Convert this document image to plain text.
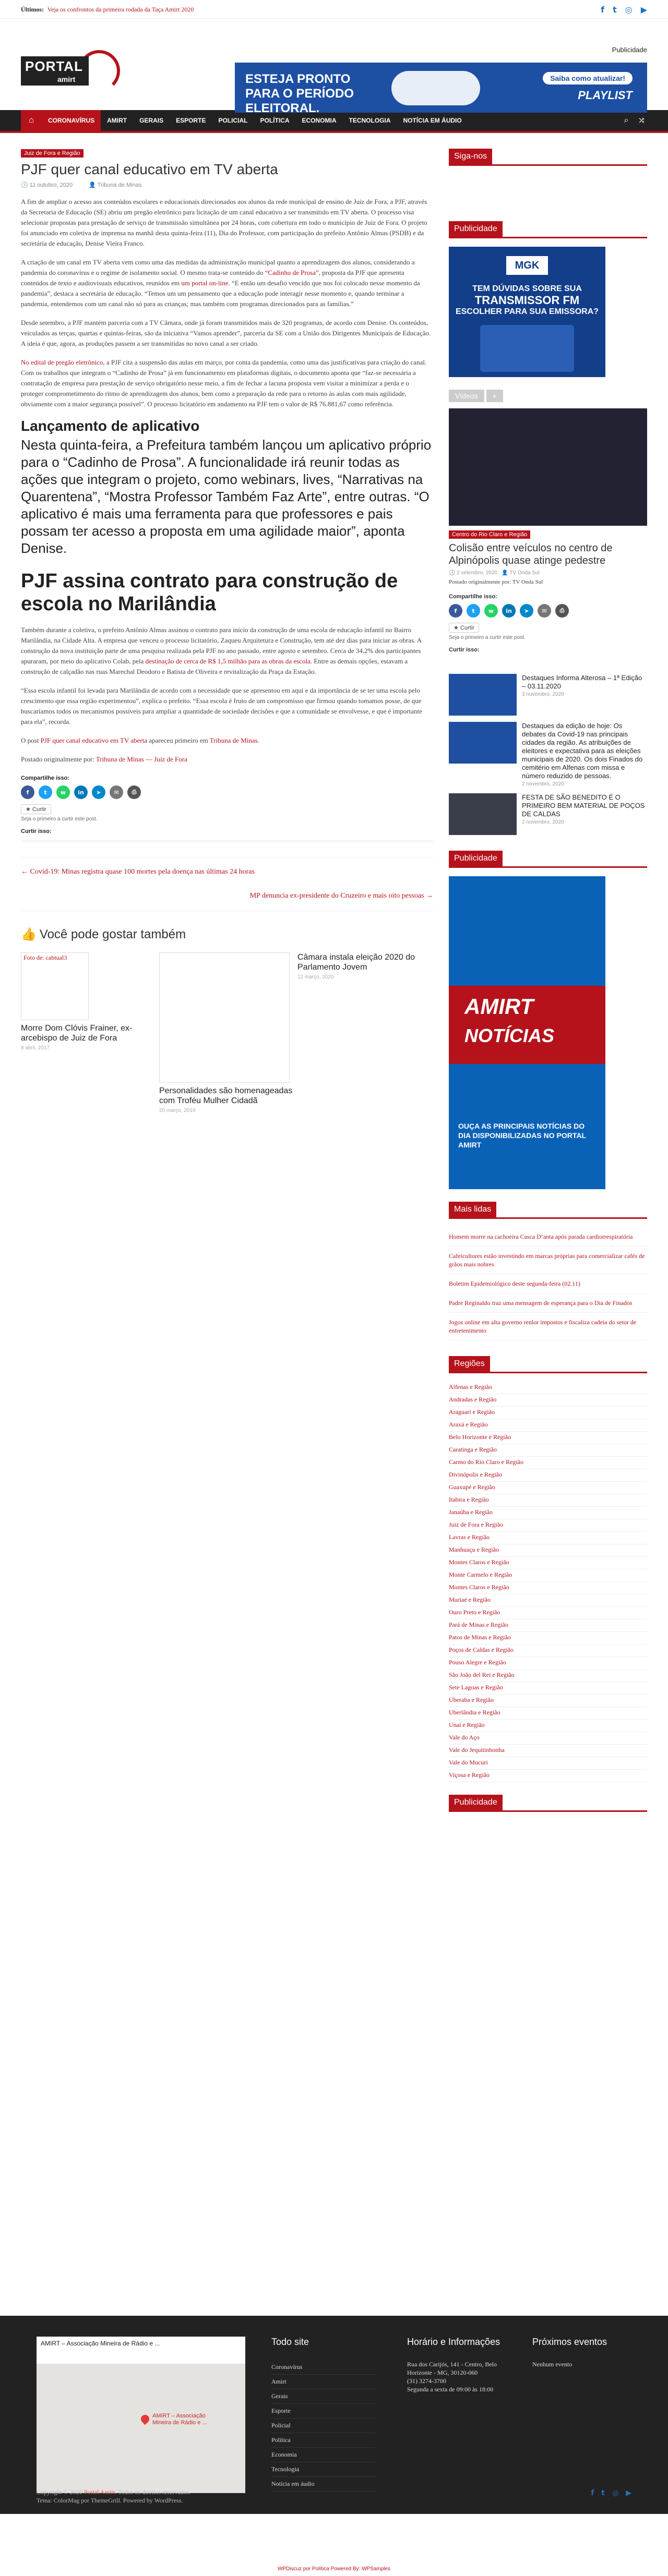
Últimos: Veja os confrontos da primeira rodada da Taça Amirt 2020	f t ◎ ▶
Publicidade
PORTAL
amirt	ESTEJA PRONTO PARA O PERÍODO ELEITORAL.
Saiba como atualizar!
PLAYLIST
⌂	CORONAVÍRUS	AMIRT	GERAIS	ESPORTE	POLICIAL	POLÍTICA	ECONOMIA	TECNOLOGIA	NOTÍCIA EM ÁUDIO	⌕ ⤮
Juiz de Fora e Região
PJF quer canal educativo em TV aberta
🕓 11 outubro, 2020	👤 Tribuna de Minas

A fim de ampliar o acesso aos conteúdos escolares e educacionais direcionados aos alunos da rede municipal de ensino de Juiz de Fora, a PJF, através da Secretaria de Educação (SE) abriu um pregão eletrônico para licitação de um canal educativo a ser transmitido em TV aberta. O processo visa selecionar propostas para prestação de serviço de transmissão simultânea por 24 horas, com cobertura em todo o município de Juiz de Fora. O projeto foi anunciado em coletiva de imprensa na manhã desta quinta-feira (11), Dia do Professor, com participação do prefeito Antônio Almas (PSDB) e da secretária de educação, Denise Vieira Franco.

A criação de um canal em TV aberta vem como uma das medidas da administração municipal quanto a aprendizagem dos alunos, considerando a pandemia do coronavírus e o regime de isolamento social. O mesmo trata-se conteúdo do “Cadinho de Prosa”, proposta da PJF que apresenta conteúdos de texto e audiovisuais educativos, reunidos em um portal on-line. “E então um desafio vencido que nos foi colocado nesse momento da pandemia”, destaca a secretária de educação. “Temos um um pensamento que a educação pode interagir nesse momento e, quando terminar a pandemia, entendemos com um canal não só para as crianças; mas também com programas direcionados para as famílias.”

Desde setembro, a PJF mantém parceria com a TV Câmara, onde já foram transmitidos mais de 320 programas, de acordo com Denise. Os conteúdos, veiculados as terças, quartas e quintas-feiras, são da iniciativa “Vamos aprender”, parceria da SE com a União dos Dirigentes Municipais de Educação. A ideia é que, agora, as produções passem a ser transmitidas no novo canal a ser criado.

No edital de pregão eletrônico, a PJF cita a suspensão das aulas em março, por conta da pandemia, como uma das justificativas para criação do canal. Com os trabalhos que integram o “Cadinho de Prosa” já em funcionamento em plataformas digitais, o documento aponta que “faz-se necessária a contratação de empresa para prestação de serviço obrigatório nesse meio, a fim de fechar a lacuna proposta vem visitar a minimizar a perda e o proteger comprometimento do ritmo de aprendizagem dos alunos, bem como a preparação da rede para o retorno às aulas com mais agilidade, obviamente com a maior segurança possível”. O processo licitatório em andamento na PJF tem o valor de R$ 76.881,67 como referência.

Lançamento de aplicativo

Nesta quinta-feira, a Prefeitura também lançou um aplicativo próprio para o “Cadinho de Prosa”. A funcionalidade irá reunir todas as ações que integram o projeto, como webinars, lives, “Narrativas na Quarentena”, “Mostra Professor Também Faz Arte”, entre outras. “O aplicativo é mais uma ferramenta para que professores e pais possam ter acesso a proposta em uma agilidade maior”, aponta Denise.

PJF assina contrato para construção de escola no Marilândia

Também durante a coletiva, o prefeito Antônio Almas assinou o contrato para início da construção de uma escola de educação infantil no Bairro Marilândia, na Cidade Alta. A empresa que venceu o processo licitatório, Zaqueu Arquitetura e Construção, tem até dez dias para iniciar as obras. A construção da nova instituição parte de uma pesquisa realizada pela PJF no ano passado, entre agosto e setembro. Cerca de 34,2% dos participantes apuraram, por meio do aplicativo Colab, pela destinação de cerca de R$ 1,5 milhão para as obras da escola. Entre as demais opções, estavam a construção de calçadão nas ruas Marechal Deodoro e Batista de Oliveira e revitalização da Praça da Estação.

“Essa escola infantil foi levada para Marilândia de acordo com a necessidade que se apresentou em aqui e da importância de se ter uma escola pelo crescimento que essa região experimentou”, explica o prefeito. “Essa escola é fruto de um compromisso que firmou quando tomamos posse, de que buscaríamos todos os mecanismos possíveis para ampliar a quantidade de sociedade decisões e que a comunidade se envolvesse, e que é importante para ela”, recorda.

O post PJF quer canal educativo em TV aberta apareceu primeiro em Tribuna de Minas.

Postado originalmente por: Tribuna de Minas — Juiz de Fora

Compartilhe isso:
f	t	w	in	➤	✉	⎙
★ Curtir
Seja o primeiro a curtir este post.
Curtir isso:
← Covid-19: Minas registra quase 100 mortes pela doença nas últimas 24 horas
MP denuncia ex-presidente do Cruzeiro e mais oito pessoas →
👍 Você pode gostar também
Foto de: cabtual3
Morre Dom Clóvis Frainer, ex-arcebispo de Juiz de Fora
8 abril, 2017
Personalidades são homenageadas com Troféu Mulher Cidadã
20 março, 2019
Câmara instala eleição 2020 do Parlamento Jovem
12 março, 2020
Siga-nos
Publicidade
MGK
TEM DÚVIDAS SOBRE SUA
TRANSMISSOR FM
ESCOLHER PARA SUA EMISSORA?
Vídeos	+
Centro do Rio Claro e Região
Colisão entre veículos no centro de Alpinópolis quase atinge pedestre
🕓 2 setembro, 2020   👤 TV Onda Sul
Postado originalmente por: TV Onda Sul
Compartilhe isso:
f	t	w	in	➤	✉	⎙
★ Curtir
Seja o primeiro a curtir este post.
Curtir isso:
Destaques Informa Alterosa – 1ª Edição – 03.11.2020
3 novembro, 2020
Destaques da edição de hoje: Os debates da Covid-19 nas principais cidades da região. As atribuições de eleitores e expectativa para as eleições municipais de 2020. Os dois Finados do cemitério em Alfenas com missa e número reduzido de pessoas.
2 novembro, 2020
FESTA DE SÃO BENEDITO É O PRIMEIRO BEM MATERIAL DE POÇOS DE CALDAS
2 novembro, 2020
Publicidade
AMIRT
NOTÍCIAS
OUÇA AS PRINCIPAIS NOTÍCIAS DO DIA DISPONIBILIZADAS NO PORTAL AMIRT
Mais lidas
Homem morre na cachoeira Casca D’anta após parada cardiorrespiratória
Cafeicultores estão investindo em marcas próprias para comercializar cafés de grãos mais nobres
Boletim Epidemiológico deste segunda-feira (02.11)
Padre Reginaldo traz uma mensagem de esperança para o Dia de Finados
Jogos online em alta governo renlor impostos e fiscaliza cadeia do setor de entretenimento
Regiões
Alfenas e Região
Andradas e Região
Araguari e Região
Araxá e Região
Belo Horizonte e Região
Caratinga e Região
Carmo do Rio Claro e Região
Divinópolis e Região
Guaxupé e Região
Itabira e Região
Janaúba e Região
Juiz de Fora e Região
Lavras e Região
Manhuaçu e Região
Montes Claros e Região
Monte Carmelo e Região
Montes Claros e Região
Muriaé e Região
Ouro Preto e Região
Pará de Minas e Região
Patos de Minas e Região
Poços de Caldas e Região
Pouso Alegre e Região
São João del Rei e Região
Sete Lagoas e Região
Uberaba e Região
Uberlândia e Região
Unaí e Região
Vale do Aço
Vale do Jequitinhonha
Vale do Mucuri
Viçosa e Região
Publicidade
AMIRT – Associação Mineira de Rádio e ...
AMIRT – Associação Mineira de Rádio e ...
Todo site
Coronavírus
Amirt
Gerais
Esporte
Policial
Política
Economia
Tecnologia
Notícia em áudio
Horário e Informações
Rua dos Carijós, 141 - Centro, Belo Horizonte - MG, 30120-060
(31) 3274-3700
Segunda a sexta de 09:00 às 18:00
Próximos eventos
Nenhum evento
Copyright © 2020 Portal Amirt. Todos os direitos reservados.
Tema: ColorMag por ThemeGrill. Powered by WordPress.
f t ◎ ▶
WPDiscuz por Política Powered By: WPSamples
